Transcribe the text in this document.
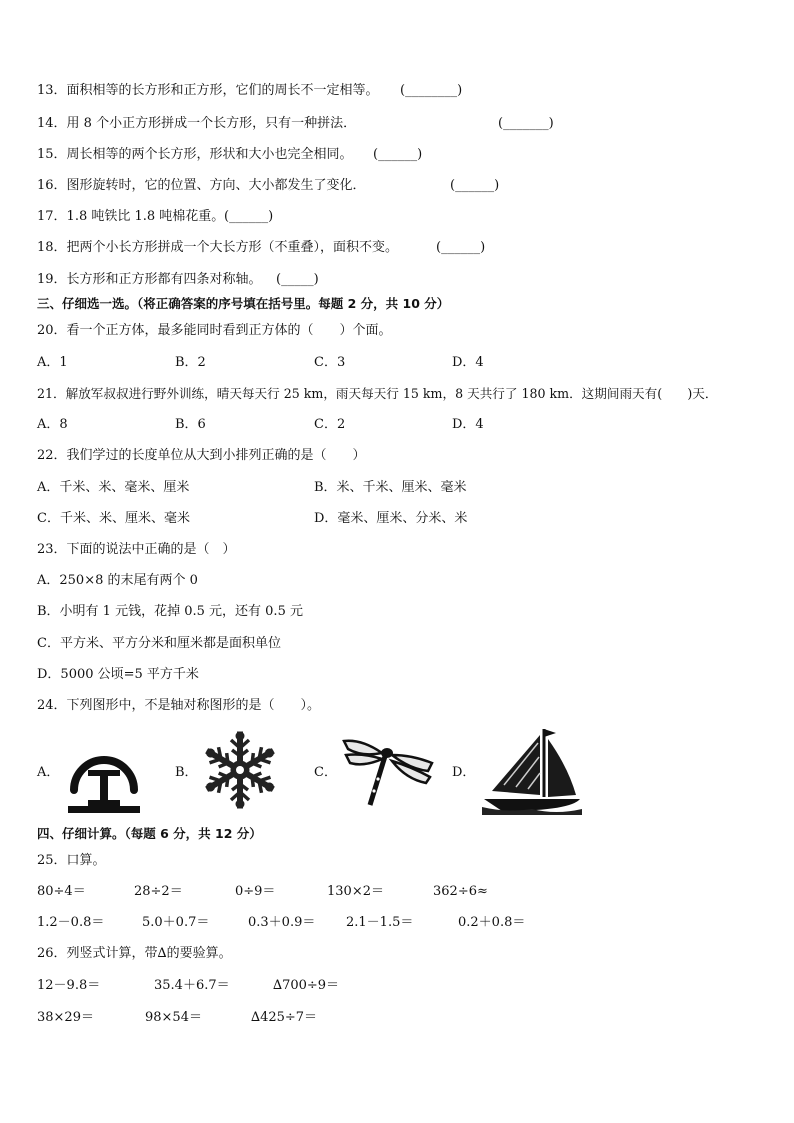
13．面积相等的长方形和正方形，它们的周长不一定相等。 (________)
14．用 8 个小正方形拼成一个长方形，只有一种拼法．	(_______)
15．周长相等的两个长方形，形状和大小也完全相同。 (______)
16．图形旋转时，它的位置、方向、大小都发生了变化．	(______)
17．1.8 吨铁比 1.8 吨棉花重。 (______)
18．把两个小长方形拼成一个大长方形（不重叠），面积不变。	(______)
19．长方形和正方形都有四条对称轴。 (_____)
三、仔细选一选。（将正确答案的序号填在括号里。每题 2 分，共 10 分）
20．看一个正方体，最多能同时看到正方体的（　　）个面。
A．1	B．2	C．3	D．4
21．解放军叔叔进行野外训练，晴天每天行 25 km，雨天每天行 15 km，8 天共行了 180 km．这期间雨天有(　　)天．
A．8	B．6	C．2	D．4
22．我们学过的长度单位从大到小排列正确的是（　　）
A．千米、米、毫米、厘米	B．米、千米、厘米、毫米
C．千米、米、厘米、毫米	D．毫米、厘米、分米、米
23．下面的说法中正确的是（　）
A．250×8 的末尾有两个 0
B．小明有 1 元钱，花掉 0.5 元，还有 0.5 元
C．平方米、平方分米和厘米都是面积单位
D．5000 公顷=5 平方千米
24．下列图形中，不是轴对称图形的是（　　）。
A．	B．	C．	D．
四、仔细计算。（每题 6 分，共 12 分）
25．口算。
80÷4＝	28÷2＝	0÷9＝	130×2＝	362÷6≈
1.2－0.8＝	5.0＋0.7＝	0.3＋0.9＝ 2.1－1.5＝	0.2＋0.8＝
26．列竖式计算，带∆的要验算。
12－9.8＝	35.4＋6.7＝	∆700÷9＝
38×29＝	98×54＝	∆425÷7＝
